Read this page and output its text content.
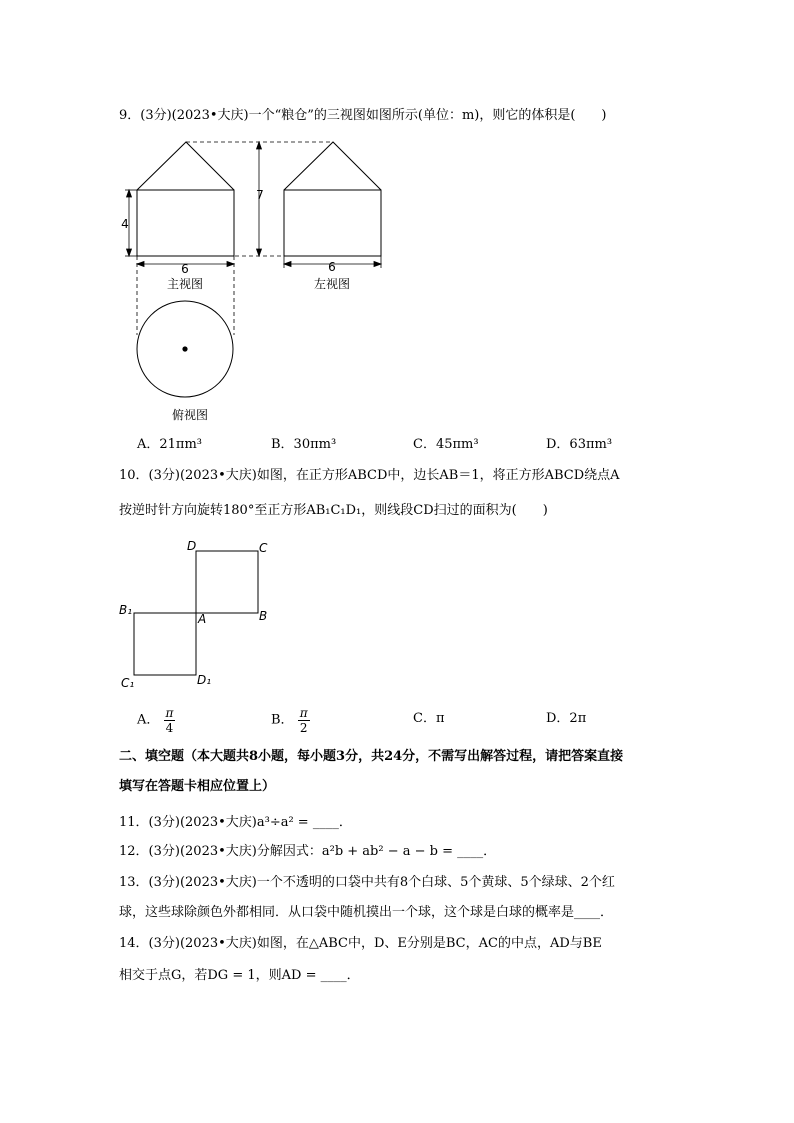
9．(3分)(2023•大庆)一个“粮仓”的三视图如图所示(单位：m)，则它的体积是(　　)
4
7
6	6
主视图	左视图
俯视图
A．21πm³	B．30πm³	C．45πm³	D．63πm³
10．(3分)(2023•大庆)如图，在正方形ABCD中，边长AB＝1，将正方形ABCD绕点A
按逆时针方向旋转180°至正方形AB₁C₁D₁，则线段CD扫过的面积为(　　)
D	C
B
A
B₁
C₁	D₁
A． $\frac{\pi}{4}$	B． $\frac{\pi}{2}$	C．π	D．2π
二、填空题（本大题共8小题，每小题3分，共24分，不需写出解答过程，请把答案直接
填写在答题卡相应位置上）
11．(3分)(2023•大庆)a³÷a² = ____．
12．(3分)(2023•大庆)分解因式：a²b + ab² − a − b = ____．
13．(3分)(2023•大庆)一个不透明的口袋中共有8个白球、5个黄球、5个绿球、2个红
球，这些球除颜色外都相同．从口袋中随机摸出一个球，这个球是白球的概率是____．
14．(3分)(2023•大庆)如图，在△ABC中，D、E分别是BC，AC的中点，AD与BE
相交于点G，若DG = 1，则AD = ____．
